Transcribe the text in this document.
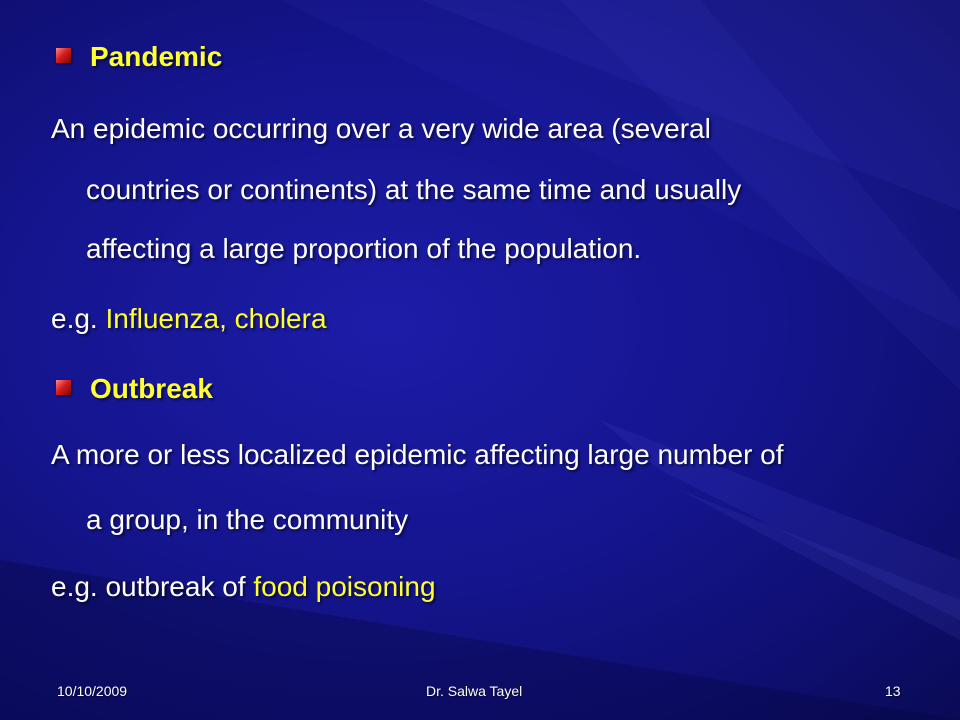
Pandemic
An epidemic occurring over a very wide area (several
countries or continents) at the same time and usually
affecting a large proportion of the population.
e.g. Influenza, cholera
Outbreak
A more or less localized epidemic affecting large number of
a group, in the community
e.g. outbreak of food poisoning
10/10/2009	Dr. Salwa Tayel	13
